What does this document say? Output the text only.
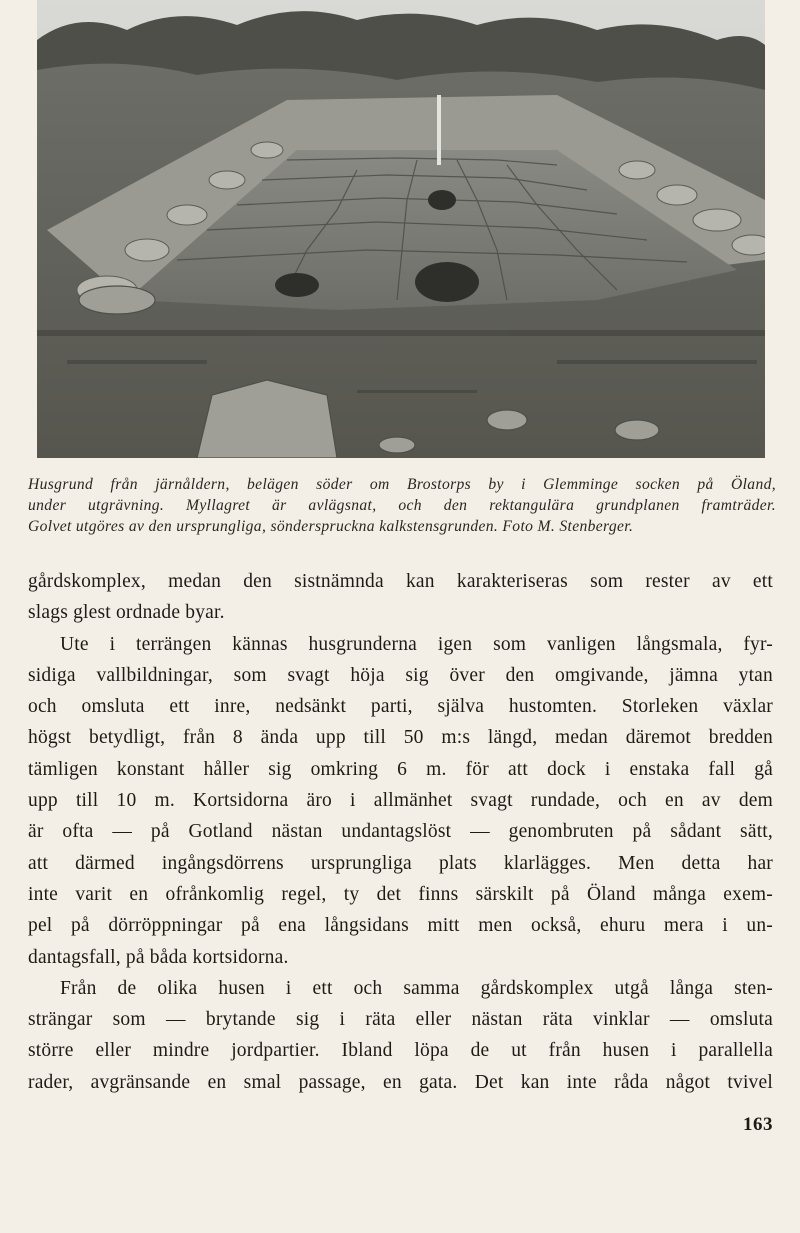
Husgrund från järnåldern, belägen söder om Brostorps by i Glemminge socken på Öland,

under utgrävning. Myllagret är avlägsnat, och den rektangulära grundplanen framträder.

Golvet utgöres av den ursprungliga, sönderspruckna kalkstensgrunden. Foto M. Stenberger.

gårdskomplex, medan den sistnämnda kan karakteriseras som rester av ett
slags glest ordnade byar.
Ute i terrängen kännas husgrunderna igen som vanligen långsmala, fyr-
sidiga vallbildningar, som svagt höja sig över den omgivande, jämna ytan
och omsluta ett inre, nedsänkt parti, själva hustomten. Storleken växlar
högst betydligt, från 8 ända upp till 50 m:s längd, medan däremot bredden
tämligen konstant håller sig omkring 6 m. för att dock i enstaka fall gå
upp till 10 m. Kortsidorna äro i allmänhet svagt rundade, och en av dem
är ofta — på Gotland nästan undantagslöst — genombruten på sådant sätt,
att därmed ingångsdörrens ursprungliga plats klarlägges. Men detta har
inte varit en ofrånkomlig regel, ty det finns särskilt på Öland många exem-
pel på dörröppningar på ena långsidans mitt men också, ehuru mera i un-
dantagsfall, på båda kortsidorna.
Från de olika husen i ett och samma gårdskomplex utgå långa sten-
strängar som — brytande sig i räta eller nästan räta vinklar — omsluta
större eller mindre jordpartier. Ibland löpa de ut från husen i parallella
rader, avgränsande en smal passage, en gata. Det kan inte råda något tvivel
163
